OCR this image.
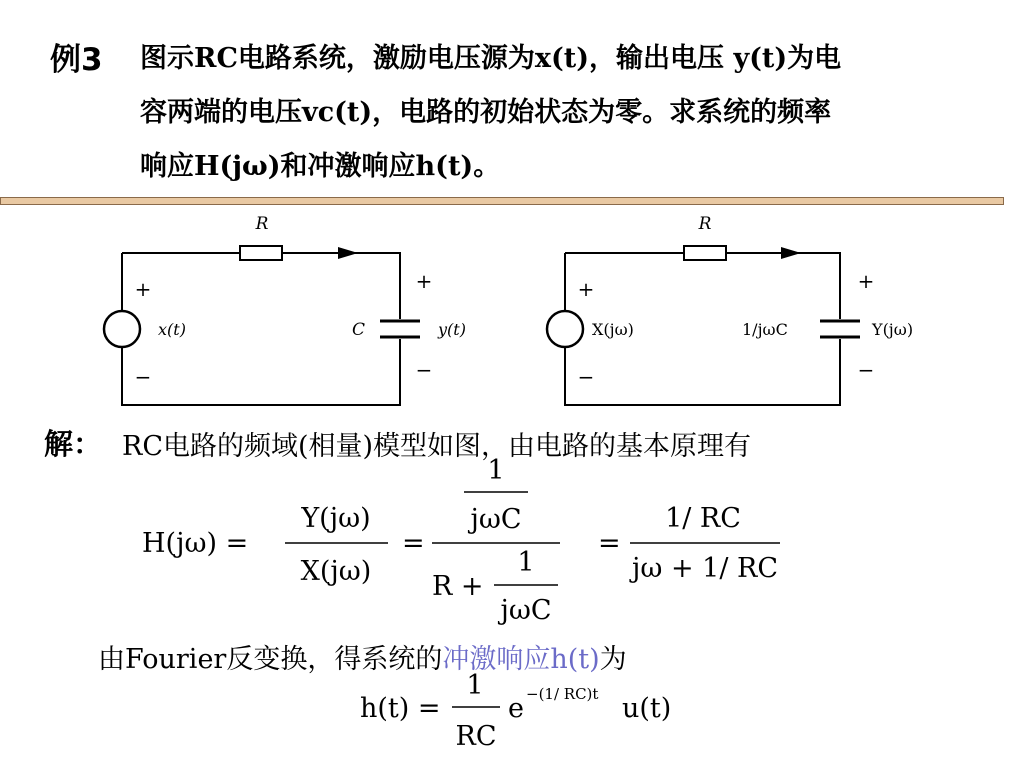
例3 图示RC电路系统，激励电压源为x(t)，输出电压 y(t)为电
容两端的电压vc(t)，电路的初始状态为零。求系统的频率
响应H(jω)和冲激响应h(t)。
R
+
−
x(t)	C
+
−
y(t)
R
+
−
X(jω)	1/jωC
+
−
Y(jω)
解： RC电路的频域(相量)模型如图，由电路的基本原理有
H(jω) =
Y(jω)
X(jω)
=
1
jωC
R +
1
jωC
=
1/ RC
jω + 1/ RC
h(t) =
1
RC
e −(1/ RC)t u(t)
由Fourier反变换，得系统的冲激响应h(t)为
